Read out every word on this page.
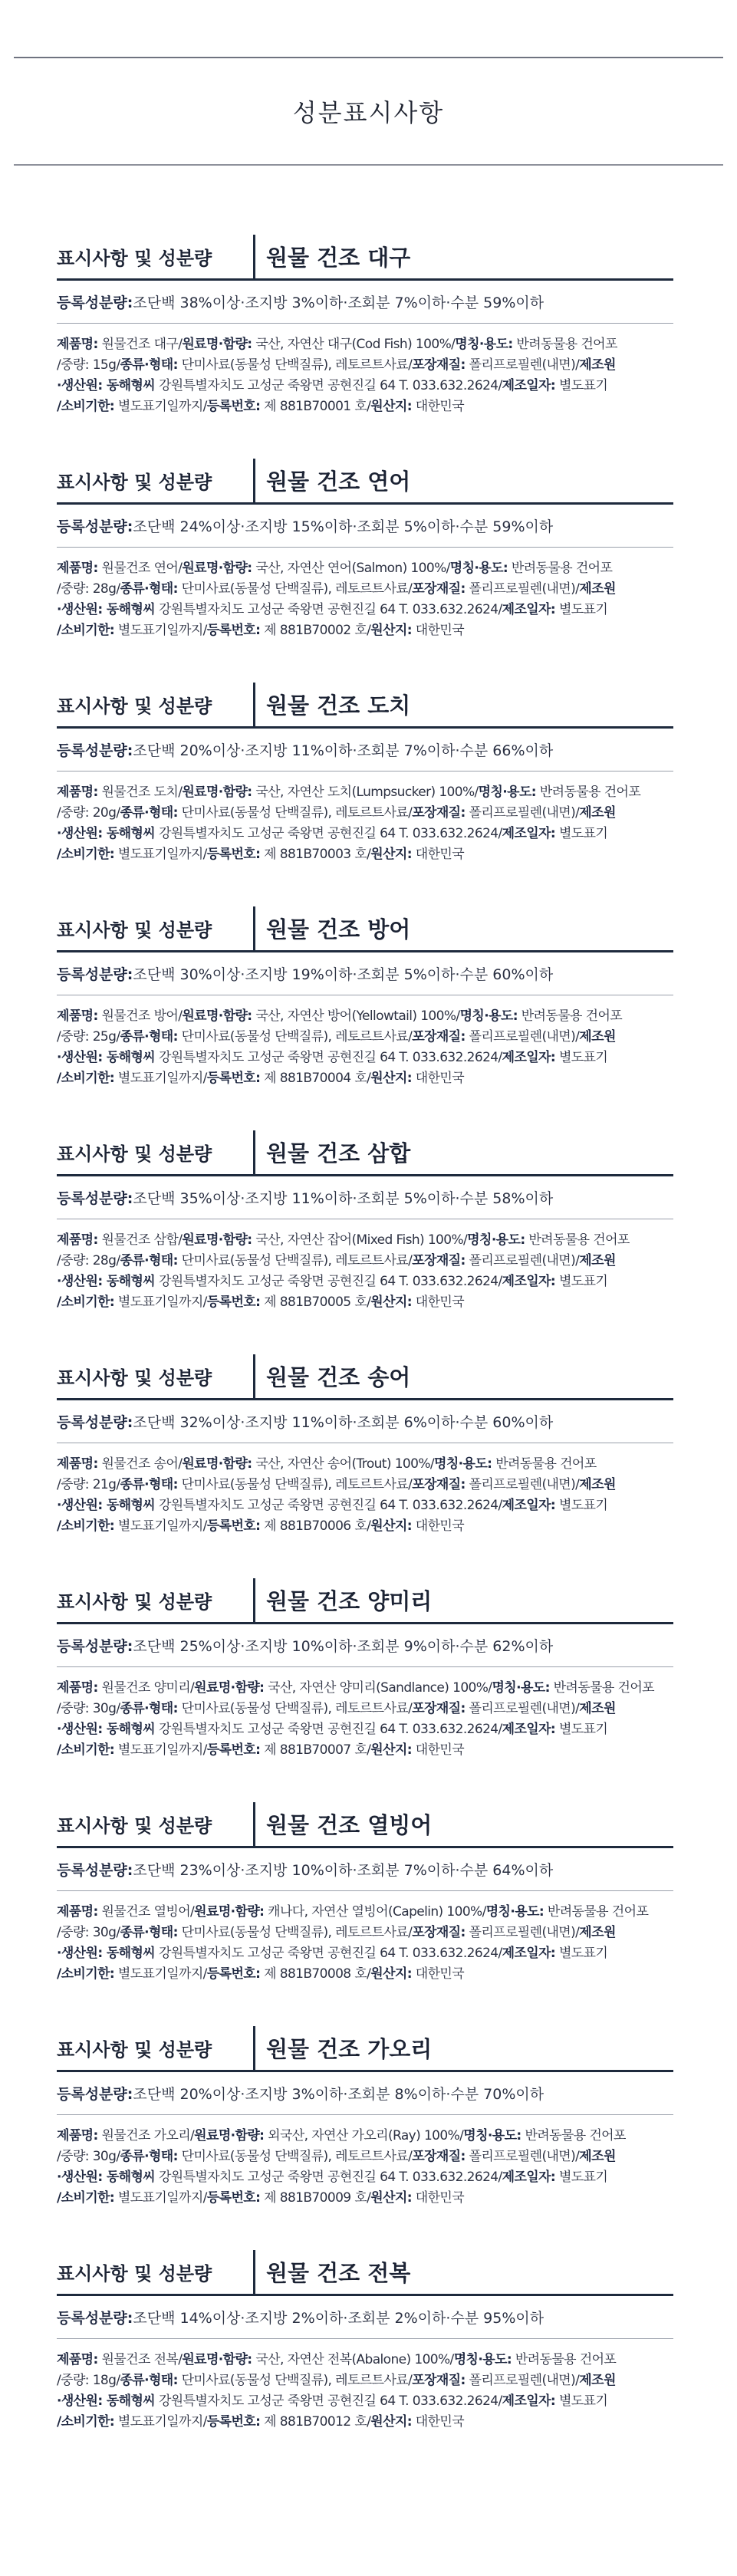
성분표시사항
표시사항 및 성분량	원물 건조 대구
등록성분량: 조단백 38%이상·조지방 3%이하·조회분 7%이하·수분 59%이하
제품명: 원물건조 대구/원료명·함량: 국산, 자연산 대구(Cod Fish) 100%/명칭·용도: 반려동물용 건어포
/중량: 15g/종류·형태: 단미사료(동물성 단백질류), 레토르트사료/포장재질: 폴리프로필렌(내면)/제조원
·생산원: 동해형씨 강원특별자치도 고성군 죽왕면 공현진길 64 T. 033.632.2624/제조일자: 별도표기
/소비기한: 별도표기일까지/등록번호: 제 881B70001 호/원산지: 대한민국
표시사항 및 성분량	원물 건조 연어
등록성분량: 조단백 24%이상·조지방 15%이하·조회분 5%이하·수분 59%이하
제품명: 원물건조 연어/원료명·함량: 국산, 자연산 연어(Salmon) 100%/명칭·용도: 반려동물용 건어포
/중량: 28g/종류·형태: 단미사료(동물성 단백질류), 레토르트사료/포장재질: 폴리프로필렌(내면)/제조원
·생산원: 동해형씨 강원특별자치도 고성군 죽왕면 공현진길 64 T. 033.632.2624/제조일자: 별도표기
/소비기한: 별도표기일까지/등록번호: 제 881B70002 호/원산지: 대한민국
표시사항 및 성분량	원물 건조 도치
등록성분량: 조단백 20%이상·조지방 11%이하·조회분 7%이하·수분 66%이하
제품명: 원물건조 도치/원료명·함량: 국산, 자연산 도치(Lumpsucker) 100%/명칭·용도: 반려동물용 건어포
/중량: 20g/종류·형태: 단미사료(동물성 단백질류), 레토르트사료/포장재질: 폴리프로필렌(내면)/제조원
·생산원: 동해형씨 강원특별자치도 고성군 죽왕면 공현진길 64 T. 033.632.2624/제조일자: 별도표기
/소비기한: 별도표기일까지/등록번호: 제 881B70003 호/원산지: 대한민국
표시사항 및 성분량	원물 건조 방어
등록성분량: 조단백 30%이상·조지방 19%이하·조회분 5%이하·수분 60%이하
제품명: 원물건조 방어/원료명·함량: 국산, 자연산 방어(Yellowtail) 100%/명칭·용도: 반려동물용 건어포
/중량: 25g/종류·형태: 단미사료(동물성 단백질류), 레토르트사료/포장재질: 폴리프로필렌(내면)/제조원
·생산원: 동해형씨 강원특별자치도 고성군 죽왕면 공현진길 64 T. 033.632.2624/제조일자: 별도표기
/소비기한: 별도표기일까지/등록번호: 제 881B70004 호/원산지: 대한민국
표시사항 및 성분량	원물 건조 삼합
등록성분량: 조단백 35%이상·조지방 11%이하·조회분 5%이하·수분 58%이하
제품명: 원물건조 삼합/원료명·함량: 국산, 자연산 잡어(Mixed Fish) 100%/명칭·용도: 반려동물용 건어포
/중량: 28g/종류·형태: 단미사료(동물성 단백질류), 레토르트사료/포장재질: 폴리프로필렌(내면)/제조원
·생산원: 동해형씨 강원특별자치도 고성군 죽왕면 공현진길 64 T. 033.632.2624/제조일자: 별도표기
/소비기한: 별도표기일까지/등록번호: 제 881B70005 호/원산지: 대한민국
표시사항 및 성분량	원물 건조 송어
등록성분량: 조단백 32%이상·조지방 11%이하·조회분 6%이하·수분 60%이하
제품명: 원물건조 송어/원료명·함량: 국산, 자연산 송어(Trout) 100%/명칭·용도: 반려동물용 건어포
/중량: 21g/종류·형태: 단미사료(동물성 단백질류), 레토르트사료/포장재질: 폴리프로필렌(내면)/제조원
·생산원: 동해형씨 강원특별자치도 고성군 죽왕면 공현진길 64 T. 033.632.2624/제조일자: 별도표기
/소비기한: 별도표기일까지/등록번호: 제 881B70006 호/원산지: 대한민국
표시사항 및 성분량	원물 건조 양미리
등록성분량: 조단백 25%이상·조지방 10%이하·조회분 9%이하·수분 62%이하
제품명: 원물건조 양미리/원료명·함량: 국산, 자연산 양미리(Sandlance) 100%/명칭·용도: 반려동물용 건어포
/중량: 30g/종류·형태: 단미사료(동물성 단백질류), 레토르트사료/포장재질: 폴리프로필렌(내면)/제조원
·생산원: 동해형씨 강원특별자치도 고성군 죽왕면 공현진길 64 T. 033.632.2624/제조일자: 별도표기
/소비기한: 별도표기일까지/등록번호: 제 881B70007 호/원산지: 대한민국
표시사항 및 성분량	원물 건조 열빙어
등록성분량: 조단백 23%이상·조지방 10%이하·조회분 7%이하·수분 64%이하
제품명: 원물건조 열빙어/원료명·함량: 캐나다, 자연산 열빙어(Capelin) 100%/명칭·용도: 반려동물용 건어포
/중량: 30g/종류·형태: 단미사료(동물성 단백질류), 레토르트사료/포장재질: 폴리프로필렌(내면)/제조원
·생산원: 동해형씨 강원특별자치도 고성군 죽왕면 공현진길 64 T. 033.632.2624/제조일자: 별도표기
/소비기한: 별도표기일까지/등록번호: 제 881B70008 호/원산지: 대한민국
표시사항 및 성분량	원물 건조 가오리
등록성분량: 조단백 20%이상·조지방 3%이하·조회분 8%이하·수분 70%이하
제품명: 원물건조 가오리/원료명·함량: 외국산, 자연산 가오리(Ray) 100%/명칭·용도: 반려동물용 건어포
/중량: 30g/종류·형태: 단미사료(동물성 단백질류), 레토르트사료/포장재질: 폴리프로필렌(내면)/제조원
·생산원: 동해형씨 강원특별자치도 고성군 죽왕면 공현진길 64 T. 033.632.2624/제조일자: 별도표기
/소비기한: 별도표기일까지/등록번호: 제 881B70009 호/원산지: 대한민국
표시사항 및 성분량	원물 건조 전복
등록성분량: 조단백 14%이상·조지방 2%이하·조회분 2%이하·수분 95%이하
제품명: 원물건조 전복/원료명·함량: 국산, 자연산 전복(Abalone) 100%/명칭·용도: 반려동물용 건어포
/중량: 18g/종류·형태: 단미사료(동물성 단백질류), 레토르트사료/포장재질: 폴리프로필렌(내면)/제조원
·생산원: 동해형씨 강원특별자치도 고성군 죽왕면 공현진길 64 T. 033.632.2624/제조일자: 별도표기
/소비기한: 별도표기일까지/등록번호: 제 881B70012 호/원산지: 대한민국
